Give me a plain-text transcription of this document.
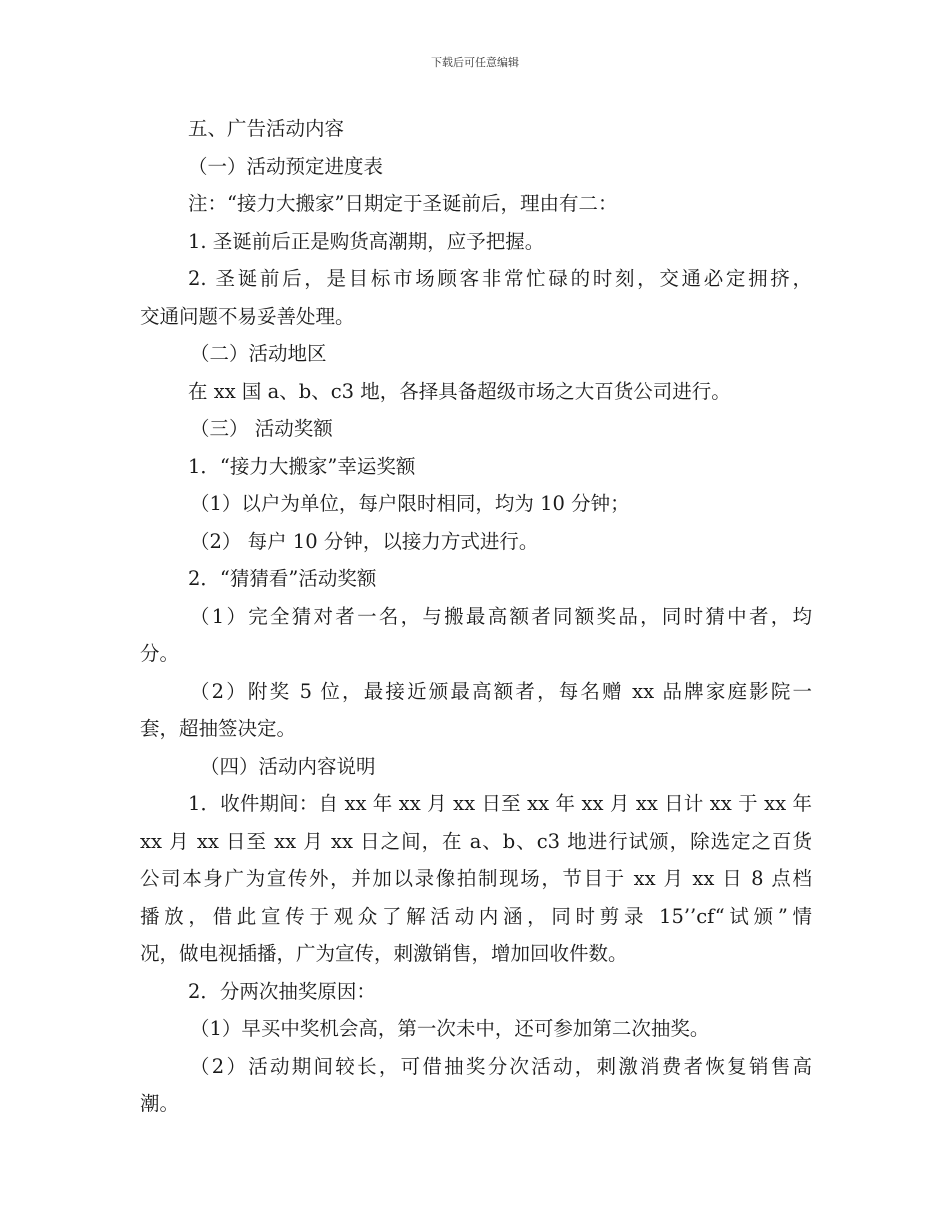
下载后可任意编辑

五、广告活动内容

（一）活动预定进度表

注：“接力大搬家”日期定于圣诞前后，理由有二：

1. 圣诞前后正是购货高潮期，应予把握。

2. 圣诞前后，是目标市场顾客非常忙碌的时刻，交通必定拥挤，

交通问题不易妥善处理。

（二）活动地区

在 xx 国 a、b、c3 地，各择具备超级市场之大百货公司进行。

（三） 活动奖额

1．“接力大搬家”幸运奖额

（1）以户为单位，每户限时相同，均为 10 分钟；

（2） 每户 10 分钟，以接力方式进行。

2．“猜猜看”活动奖额

（1）完全猜对者一名，与搬最高额者同额奖品，同时猜中者，均

分。

（2）附奖 5 位，最接近颁最高额者，每名赠 xx 品牌家庭影院一

套，超抽签决定。

（四）活动内容说明

1．收件期间：自 xx 年 xx 月 xx 日至 xx 年 xx 月 xx 日计 xx 于 xx 年

xx 月 xx 日至 xx 月 xx 日之间，在 a、b、c3 地进行试颁，除选定之百货

公司本身广为宣传外，并加以录像拍制现场，节目于 xx 月 xx 日 8 点档

播放，借此宣传于观众了解活动内涵，同时剪录 15’’cf“试颁”情

况，做电视插播，广为宣传，刺激销售，增加回收件数。

2．分两次抽奖原因：

（1）早买中奖机会高，第一次未中，还可参加第二次抽奖。

（2）活动期间较长，可借抽奖分次活动，刺激消费者恢复销售高

潮。
